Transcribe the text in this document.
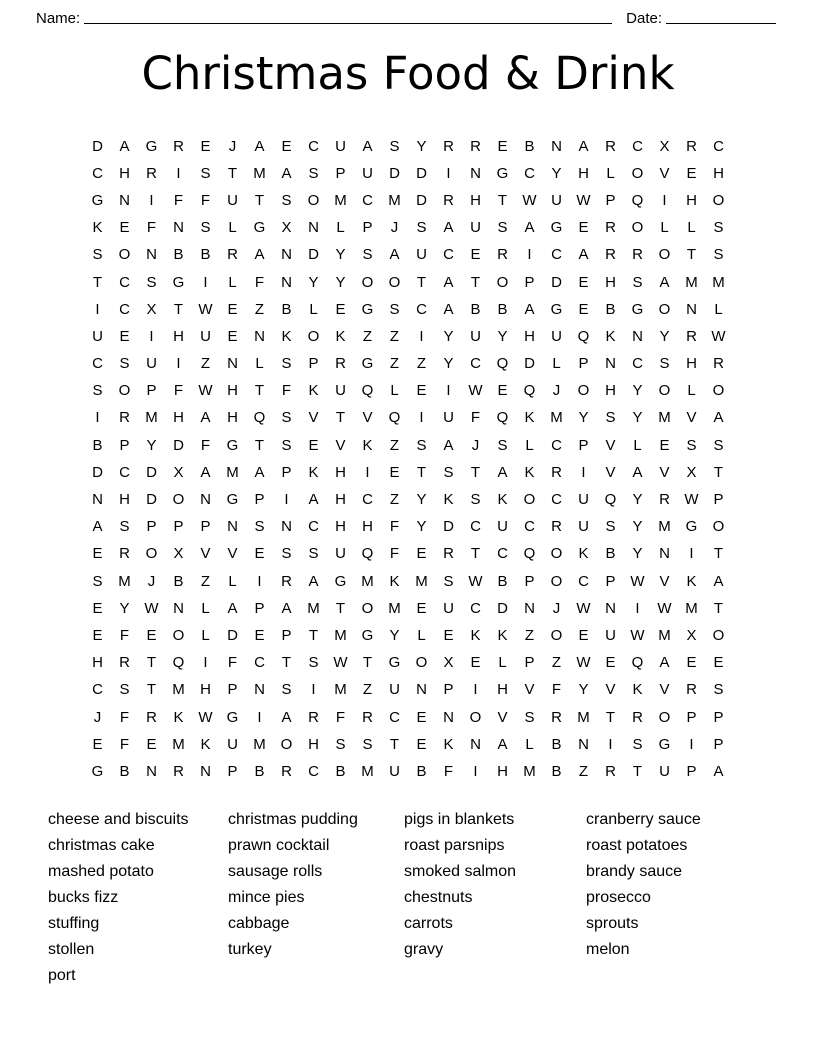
Name:	Date:
Christmas Food & Drink
D	A	G	R	E	J	A	E	C	U	A	S	Y	R	R	E	B	N	A	R	C	X	R	C
C	H	R	I	S	T	M	A	S	P	U	D	D	I	N	G	C	Y	H	L	O	V	E	H
G	N	I	F	F	U	T	S	O M	C	M	D	R	H	T	W U W P	Q	I	H	O
K	E	F	N	S	L	G	X	N	L	P	J	S	A	U	S	A	G	E	R	O	L	L	S
S	O	N	B	B	R	A	N	D	Y	S	A	U	C	E	R	I	C	A	R	R	O	T	S
T	C	S	G	I	L	F	N	Y	Y	O	O	T	A	T	O	P	D	E	H	S	A	M M
I	C	X	T	W E	Z	B	L	E	G	S	C	A	B	B	A	G	E	B	G	O	N	L
U	E	I	H	U	E	N	K	O	K	Z	Z	I	Y	U	Y	H	U	Q	K	N	Y	R W
C	S	U	I	Z	N	L	S	P	R	G	Z	Z	Y	C	Q	D	L	P	N	C	S	H	R
S	O	P	F	W H	T	F	K	U	Q	L	E	I	W E	Q	J	O	H	Y	O	L	O
I	R	M	H	A	H	Q	S	V	T	V	Q	I	U	F	Q	K	M	Y	S	Y	M	V	A
B	P	Y	D	F	G	T	S	E	V	K	Z	S	A	J	S	L	C	P	V	L	E	S	S
D	C	D	X	A	M	A	P	K	H	I	E	T	S	T	A	K	R	I	V	A	V	X	T
N	H	D	O	N	G	P	I	A	H	C	Z	Y	K	S	K	O	C	U	Q	Y	R W P
A	S	P	P	P	N	S	N	C	H	H	F	Y	D	C	U	C	R	U	S	Y	M G	O
E	R	O	X	V	V	E	S	S	U	Q	F	E	R	T	C	Q	O	K	B	Y	N	I	T
S	M	J	B	Z	L	I	R	A	G M	K	M	S W B	P	O	C	P W V	K	A
E	Y W N	L	A	P	A	M	T	O M	E	U	C	D	N	J	W N	I	W M	T
E	F	E	O	L	D	E	P	T	M G	Y	L	E	K	K	Z	O	E	U W M	X	O
H	R	T	Q	I	F	C	T	S W	T	G	O	X	E	L	P	Z	W E	Q	A	E	E
C	S	T	M	H	P	N	S	I	M	Z	U	N	P	I	H	V	F	Y	V	K	V	R	S
J	F	R	K W G	I	A	R	F	R	C	E	N	O	V	S	R	M	T	R	O	P	P
E	F	E	M	K	U	M O	H	S	S	T	E	K	N	A	L	B	N	I	S	G	I	P
G	B	N	R	N	P	B	R	C	B	M	U	B	F	I	H	M	B	Z	R	T	U	P	A
cheese and biscuits
christmas cake
mashed potato
bucks fizz
stuffing
stollen
port
christmas pudding
prawn cocktail
sausage rolls
mince pies
cabbage
turkey
pigs in blankets
roast parsnips
smoked salmon
chestnuts
carrots
gravy
cranberry sauce
roast potatoes
brandy sauce
prosecco
sprouts
melon
